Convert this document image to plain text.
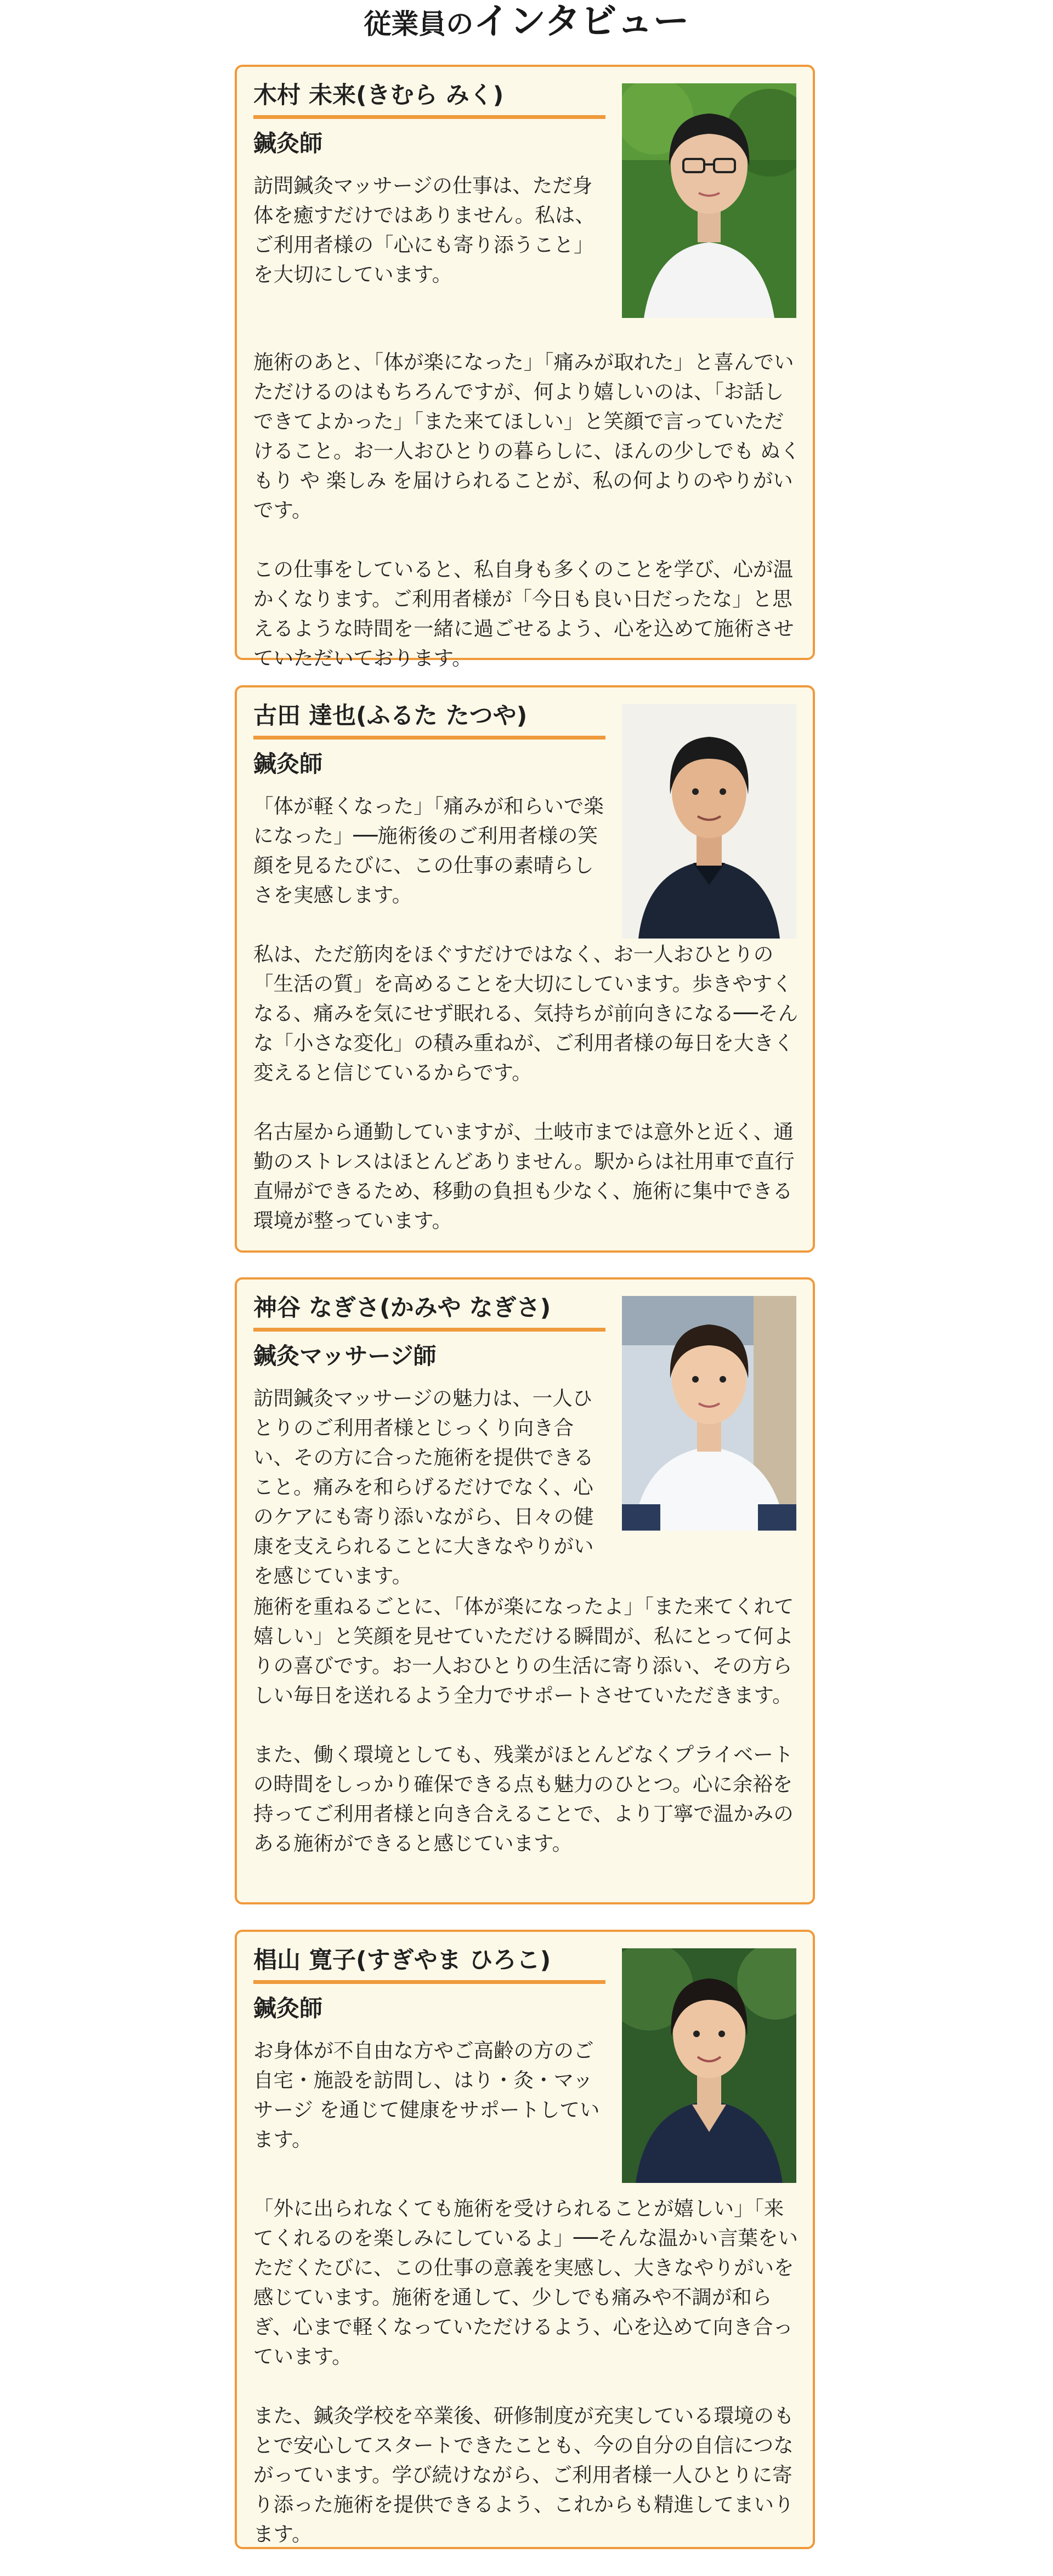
従業員のインタビュー
木村 未来(きむら みく)
鍼灸師
訪問鍼灸マッサージの仕事は、ただ身体を癒すだけではありません。私は、ご利用者様の「心にも寄り添うこと」を大切にしています。

施術のあと、「体が楽になった」「痛みが取れた」と喜んでいただけるのはもちろんですが、何より嬉しいのは、「お話しできてよかった」「また来てほしい」と笑顔で言っていただけること。お一人おひとりの暮らしに、ほんの少しでも ぬくもり や 楽しみ を届けられることが、私の何よりのやりがいです。

この仕事をしていると、私自身も多くのことを学び、心が温かくなります。ご利用者様が「今日も良い日だったな」と思えるような時間を一緒に過ごせるよう、心を込めて施術させていただいております。

古田 達也(ふるた たつや)
鍼灸師
「体が軽くなった」「痛みが和らいで楽になった」──施術後のご利用者様の笑顔を見るたびに、この仕事の素晴らしさを実感します。

私は、ただ筋肉をほぐすだけではなく、お一人おひとりの「生活の質」を高めることを大切にしています。歩きやすくなる、痛みを気にせず眠れる、気持ちが前向きになる──そんな「小さな変化」の積み重ねが、ご利用者様の毎日を大きく変えると信じているからです。

名古屋から通勤していますが、土岐市までは意外と近く、通勤のストレスはほとんどありません。駅からは社用車で直行直帰ができるため、移動の負担も少なく、施術に集中できる環境が整っています。

神谷 なぎさ(かみや なぎさ)
鍼灸マッサージ師
訪問鍼灸マッサージの魅力は、一人ひとりのご利用者様とじっくり向き合い、その方に合った施術を提供できること。痛みを和らげるだけでなく、心のケアにも寄り添いながら、日々の健康を支えられることに大きなやりがいを感じています。

施術を重ねるごとに、「体が楽になったよ」「また来てくれて嬉しい」と笑顔を見せていただける瞬間が、私にとって何よりの喜びです。お一人おひとりの生活に寄り添い、その方らしい毎日を送れるよう全力でサポートさせていただきます。

また、働く環境としても、残業がほとんどなくプライベートの時間をしっかり確保できる点も魅力のひとつ。心に余裕を持ってご利用者様と向き合えることで、より丁寧で温かみのある施術ができると感じています。

椙山 寛子(すぎやま ひろこ)
鍼灸師
お身体が不自由な方やご高齢の方のご自宅・施設を訪問し、はり・灸・マッサージ を通じて健康をサポートしています。

「外に出られなくても施術を受けられることが嬉しい」「来てくれるのを楽しみにしているよ」──そんな温かい言葉をいただくたびに、この仕事の意義を実感し、大きなやりがいを感じています。施術を通して、少しでも痛みや不調が和らぎ、心まで軽くなっていただけるよう、心を込めて向き合っています。

また、鍼灸学校を卒業後、研修制度が充実している環境のもとで安心してスタートできたことも、今の自分の自信につながっています。学び続けながら、ご利用者様一人ひとりに寄り添った施術を提供できるよう、これからも精進してまいります。
